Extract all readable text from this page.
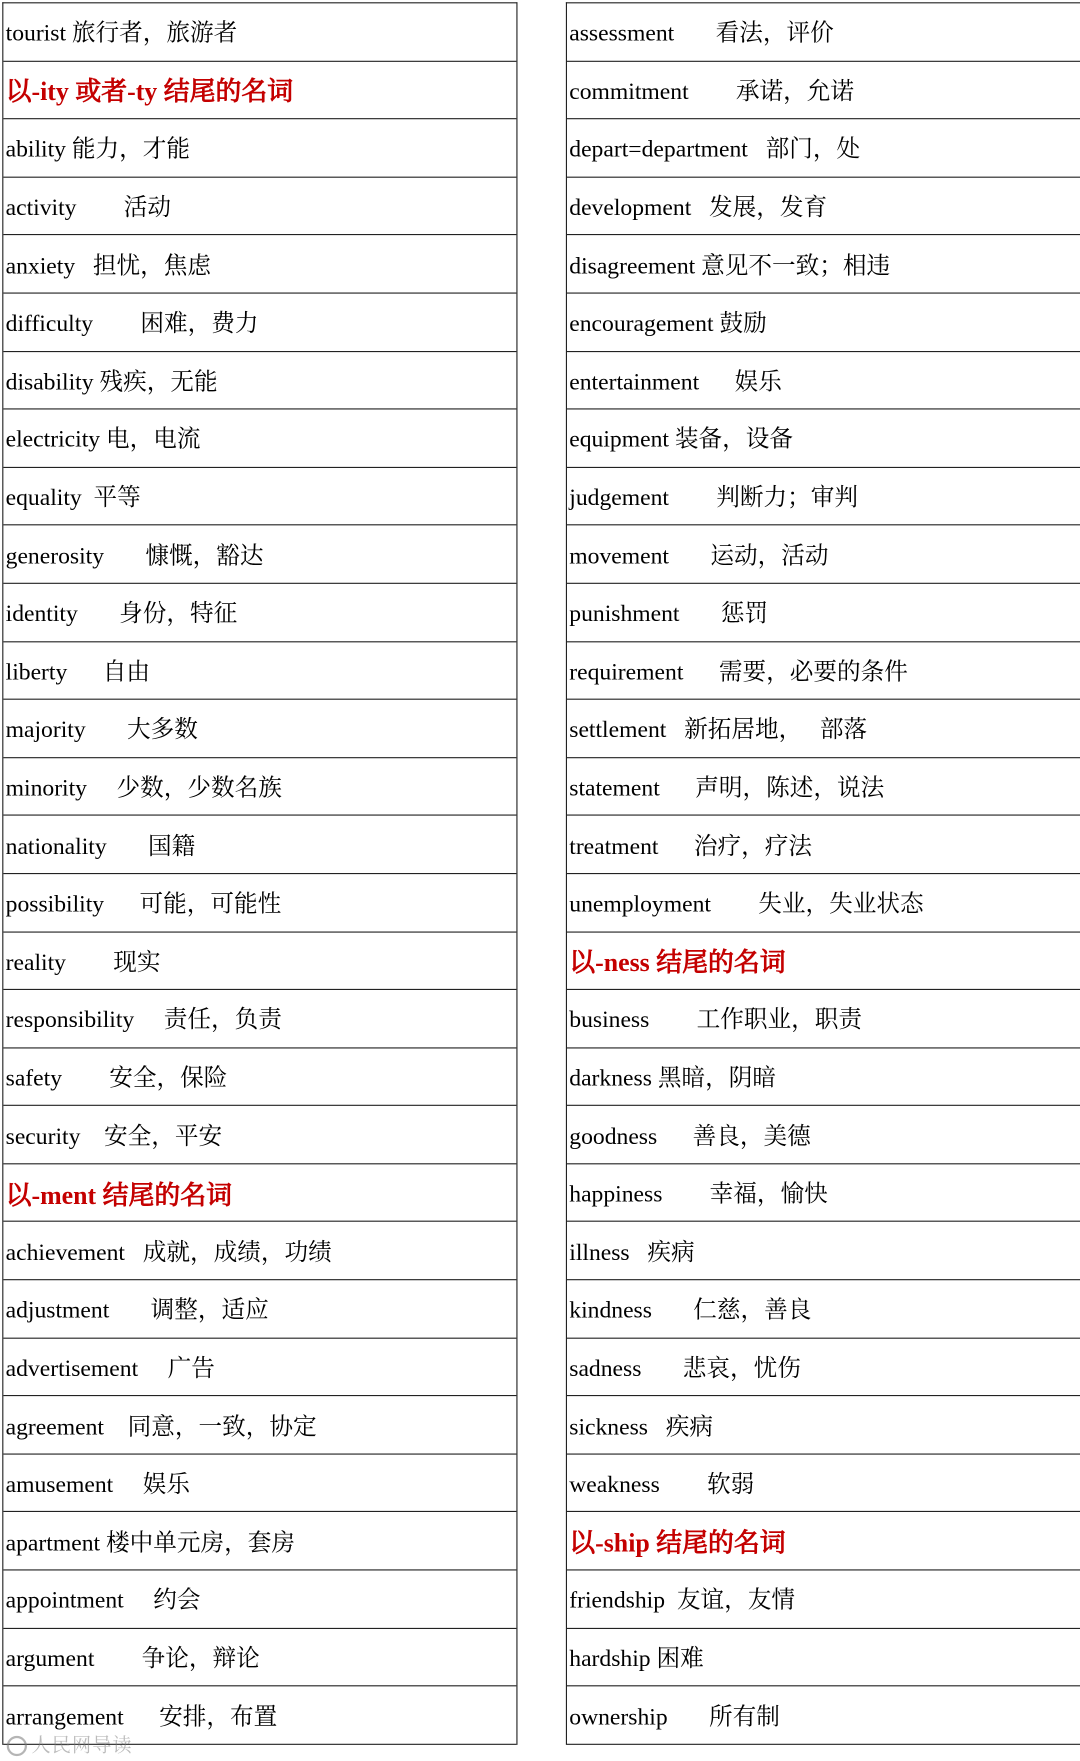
tourist 旅行者，旅游者
以-ity 或者-ty 结尾的名词
ability 能力，才能
activity        活动
anxiety   担忧，焦虑
difficulty        困难，费力
disability 残疾，无能
electricity 电，电流
equality  平等
generosity       慷慨，豁达
identity       身份，特征
liberty      自由
majority       大多数
minority     少数，少数名族
nationality       国籍
possibility      可能，可能性
reality        现实
responsibility     责任，负责
safety        安全，保险
security    安全，平安
以-ment 结尾的名词
achievement   成就，成绩，功绩
adjustment       调整，适应
advertisement     广告
agreement    同意，一致，协定
amusement     娱乐
apartment 楼中单元房，套房
appointment     约会
argument        争论，辩论
arrangement      安排，布置
assessment       看法，评价
commitment        承诺，允诺
depart=department   部门，处
development   发展，发育
disagreement 意见不一致；相违
encouragement 鼓励
entertainment      娱乐
equipment 装备，设备
judgement        判断力；审判
movement       运动，活动
punishment       惩罚
requirement      需要，必要的条件
settlement   新拓居地，   部落
statement      声明，陈述，说法
treatment      治疗，疗法
unemployment        失业，失业状态
以-ness 结尾的名词
business        工作职业，职责
darkness 黑暗，阴暗
goodness      善良，美德
happiness        幸福，愉快
illness   疾病
kindness       仁慈，善良
sadness       悲哀，忧伤
sickness   疾病
weakness        软弱
以-ship 结尾的名词
friendship  友谊，友情
hardship 困难
ownership       所有制
人民网导读
